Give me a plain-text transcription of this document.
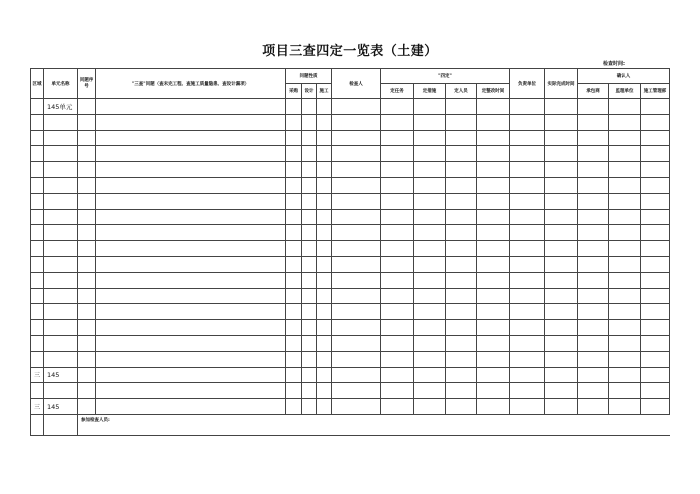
项目三查四定一览表（土建）
检查时间:
区域	单元名称	问题序号	"三查"问题（查未完工程、查施工质量隐患、查设计漏项）	问题性质			检查人	"四定"				负责单位	实际完成时间	确认人		
				采购	设计	施工		定任务	定措施	定人员	定整改时间			承包商	监理单位	施工管理部
	145单元															

三	145															

三	145															
		参加检查人员:														
